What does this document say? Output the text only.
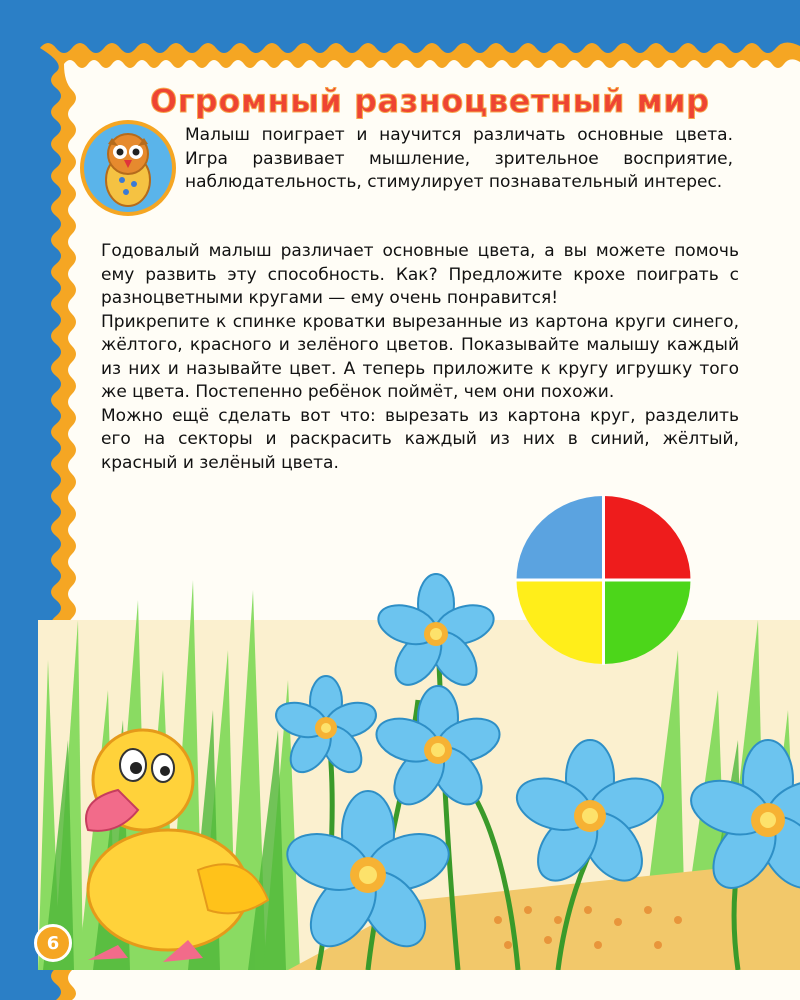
Огромный разноцветный мир
Малыш поиграет и научится различать основные цвета. Игра развивает мышление, зрительное восприятие, наблюдательность, стимулирует познавательный интерес.

Годовалый малыш различает основные цвета, а вы можете помочь ему развить эту способность. Как? Предложите крохе поиграть с разноцветными кругами — ему очень понравится!

Прикрепите к спинке кроватки вырезанные из картона круги синего, жёлтого, красного и зелёного цветов. Показывайте малышу каждый из них и называйте цвет. А теперь приложите к кругу игрушку того же цвета. Постепенно ребёнок поймёт, чем они похожи.

Можно ещё сделать вот что: вырезать из картона круг, разделить его на секторы и раскрасить каждый из них в синий, жёлтый, красный и зелёный цвета.

6
